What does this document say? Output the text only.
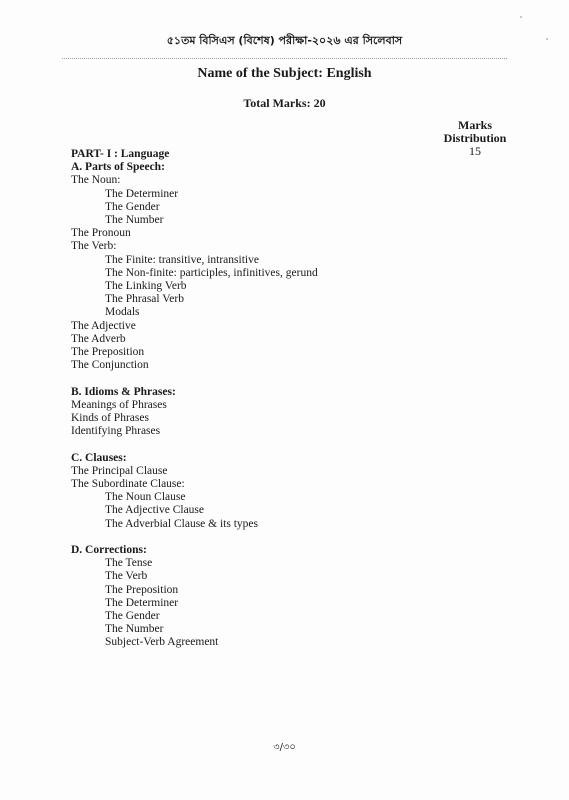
৫১তম বিসিএস (বিশেষ) পরীক্ষা-২০২৬ এর সিলেবাস
Name of the Subject: English
Total Marks: 20
Marks
Distribution
15
PART- I : Language
A. Parts of Speech:
The Noun:
The Determiner
The Gender
The Number
The Pronoun
The Verb:
The Finite: transitive, intransitive
The Non-finite: participles, infinitives, gerund
The Linking Verb
The Phrasal Verb
Modals
The Adjective
The Adverb
The Preposition
The Conjunction
B. Idioms & Phrases:
Meanings of Phrases
Kinds of Phrases
Identifying Phrases
C. Clauses:
The Principal Clause
The Subordinate Clause:
The Noun Clause
The Adjective Clause
The Adverbial Clause & its types
D. Corrections:
The Tense
The Verb
The Preposition
The Determiner
The Gender
The Number
Subject-Verb Agreement
৩/৩০
